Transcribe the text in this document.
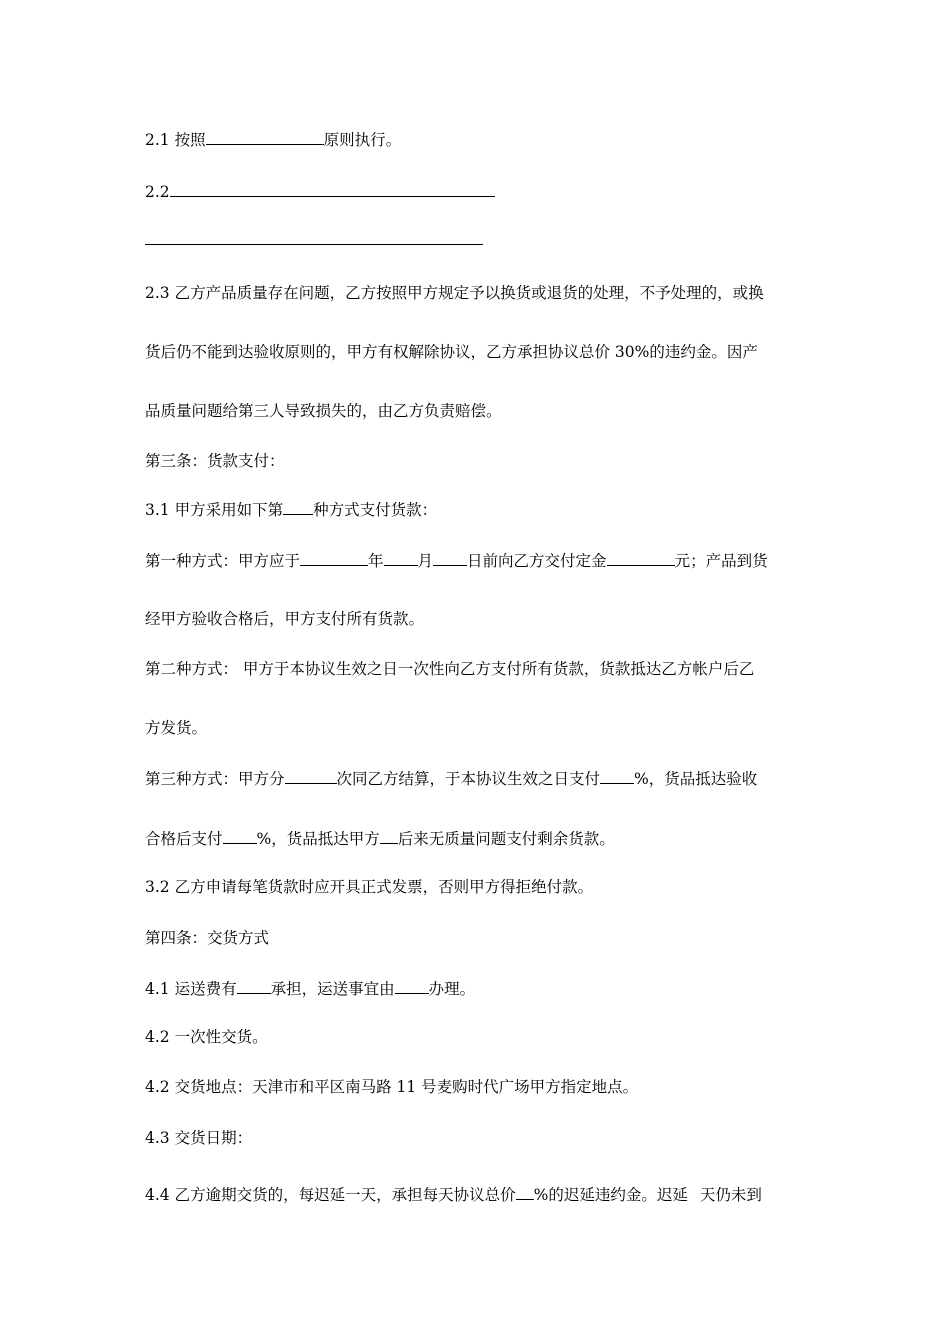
2.1 按照	原则执行。
2.2
2.3 乙方产品质量存在问题，乙方按照甲方规定予以换货或退货的处理，不予处理的，或换
货后仍不能到达验收原则的，甲方有权解除协议，乙方承担协议总价 30%的违约金。因产
品质量问题给第三人导致损失的，由乙方负责赔偿。
第三条：货款支付：
3.1 甲方采用如下第 种方式支付货款：
第一种方式：甲方应于	年 月 日前向乙方交付定金	元；产品到货
经甲方验收合格后，甲方支付所有货款。
第二种方式： 甲方于本协议生效之日一次性向乙方支付所有货款，货款抵达乙方帐户后乙
方发货。
第三种方式：甲方分	次同乙方结算，于本协议生效之日支付 %，货品抵达验收
合格后支付 %，货品抵达甲方 后来无质量问题支付剩余货款。
3.2 乙方申请每笔货款时应开具正式发票，否则甲方得拒绝付款。
第四条：交货方式
4.1 运送费有 承担，运送事宜由 办理。
4.2 一次性交货。
4.2 交货地点：天津市和平区南马路 11 号麦购时代广场甲方指定地点。
4.3 交货日期：
4.4 乙方逾期交货的，每迟延一天，承担每天协议总价 %的迟延违约金。迟延 天仍未到
